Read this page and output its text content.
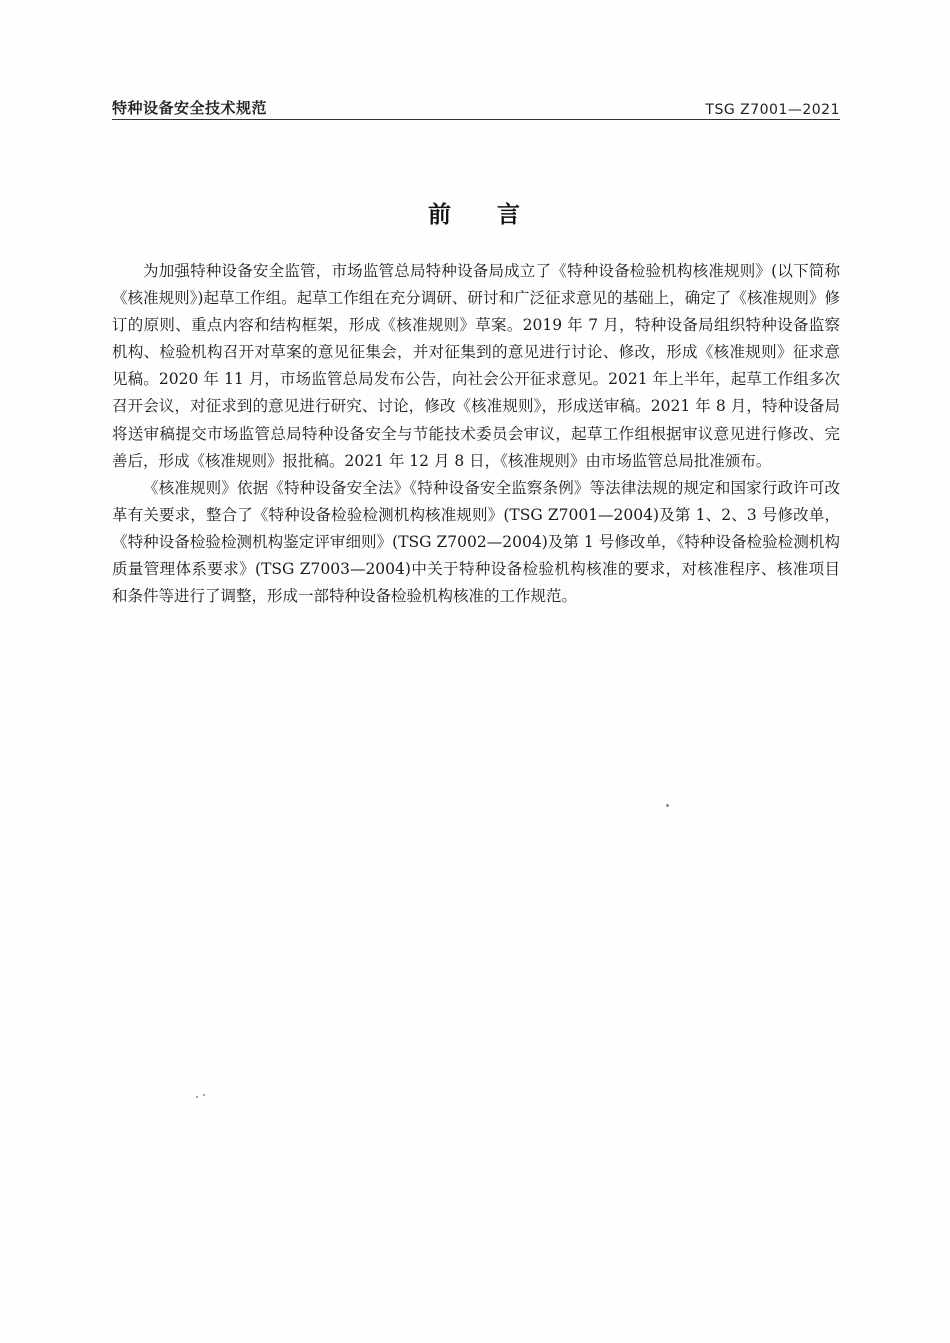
特种设备安全技术规范	TSG Z7001—2021
前 言

为加强特种设备安全监管，市场监管总局特种设备局成立了《特种设备检验机构核准规则》(以下简称《核准规则》)起草工作组。起草工作组在充分调研、研讨和广泛征求意见的基础上，确定了《核准规则》修订的原则、重点内容和结构框架，形成《核准规则》草案。2019 年 7 月，特种设备局组织特种设备监察机构、检验机构召开对草案的意见征集会，并对征集到的意见进行讨论、修改，形成《核准规则》征求意见稿。2020 年 11 月，市场监管总局发布公告，向社会公开征求意见。2021 年上半年，起草工作组多次召开会议，对征求到的意见进行研究、讨论，修改《核准规则》，形成送审稿。2021 年 8 月，特种设备局将送审稿提交市场监管总局特种设备安全与节能技术委员会审议，起草工作组根据审议意见进行修改、完善后，形成《核准规则》报批稿。2021 年 12 月 8 日，《核准规则》由市场监管总局批准颁布。

《核准规则》依据《特种设备安全法》《特种设备安全监察条例》等法律法规的规定和国家行政许可改革有关要求，整合了《特种设备检验检测机构核准规则》(TSG Z7001—2004)及第 1、2、3 号修改单，《特种设备检验检测机构鉴定评审细则》(TSG Z7002—2004)及第 1 号修改单，《特种设备检验检测机构质量管理体系要求》(TSG Z7003—2004)中关于特种设备检验机构核准的要求，对核准程序、核准项目和条件等进行了调整，形成一部特种设备检验机构核准的工作规范。
